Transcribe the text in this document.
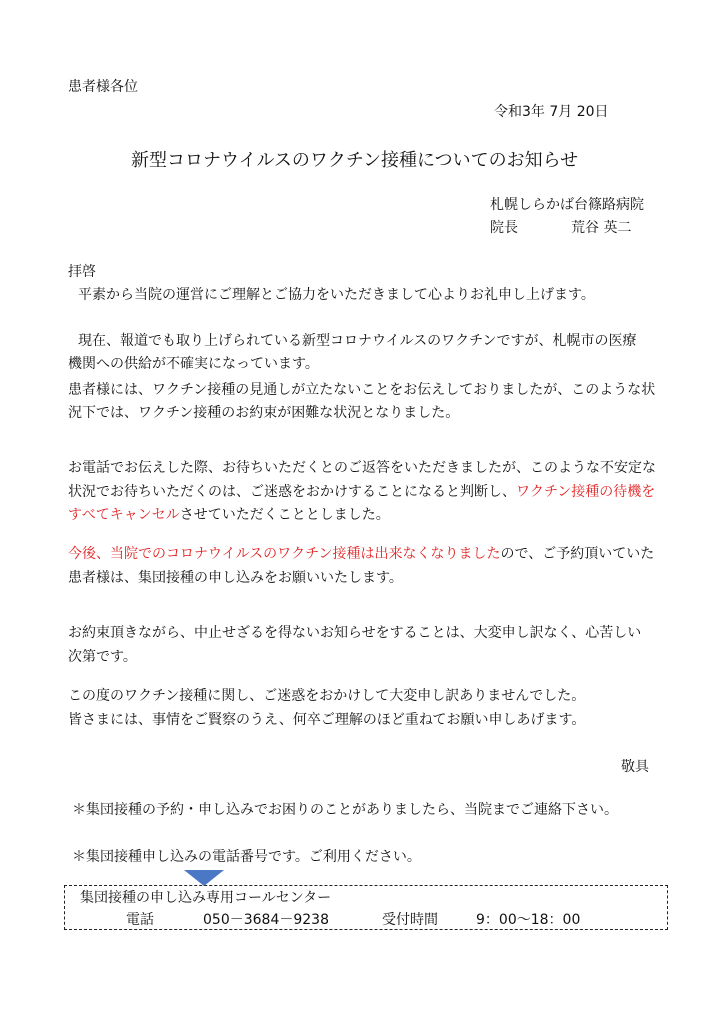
患者様各位
令和3年 7月 20日
新型コロナウイルスのワクチン接種についてのお知らせ
札幌しらかば台篠路病院
院長	荒谷 英二
拝啓
平素から当院の運営にご理解とご協力をいただきまして心よりお礼申し上げます。
現在、報道でも取り上げられている新型コロナウイルスのワクチンですが、札幌市の医療
機関への供給が不確実になっています。
患者様には、ワクチン接種の見通しが立たないことをお伝えしておりましたが、このような状
況下では、ワクチン接種のお約束が困難な状況となりました。
お電話でお伝えした際、お待ちいただくとのご返答をいただきましたが、このような不安定な
状況でお待ちいただくのは、ご迷惑をおかけすることになると判断し、ワクチン接種の待機を
すべてキャンセルさせていただくこととしました。
今後、当院でのコロナウイルスのワクチン接種は出来なくなりましたので、ご予約頂いていた
患者様は、集団接種の申し込みをお願いいたします。
お約束頂きながら、中止せざるを得ないお知らせをすることは、大変申し訳なく、心苦しい
次第です。
この度のワクチン接種に関し、ご迷惑をおかけして大変申し訳ありませんでした。
皆さまには、事情をご賢察のうえ、何卒ご理解のほど重ねてお願い申しあげます。
敬具
＊集団接種の予約・申し込みでお困りのことがありましたら、当院までご連絡下さい。
＊集団接種申し込みの電話番号です。ご利用ください。
集団接種の申し込み専用コールセンター
電話	050－3684－9238	受付時間	9：00～18：00
